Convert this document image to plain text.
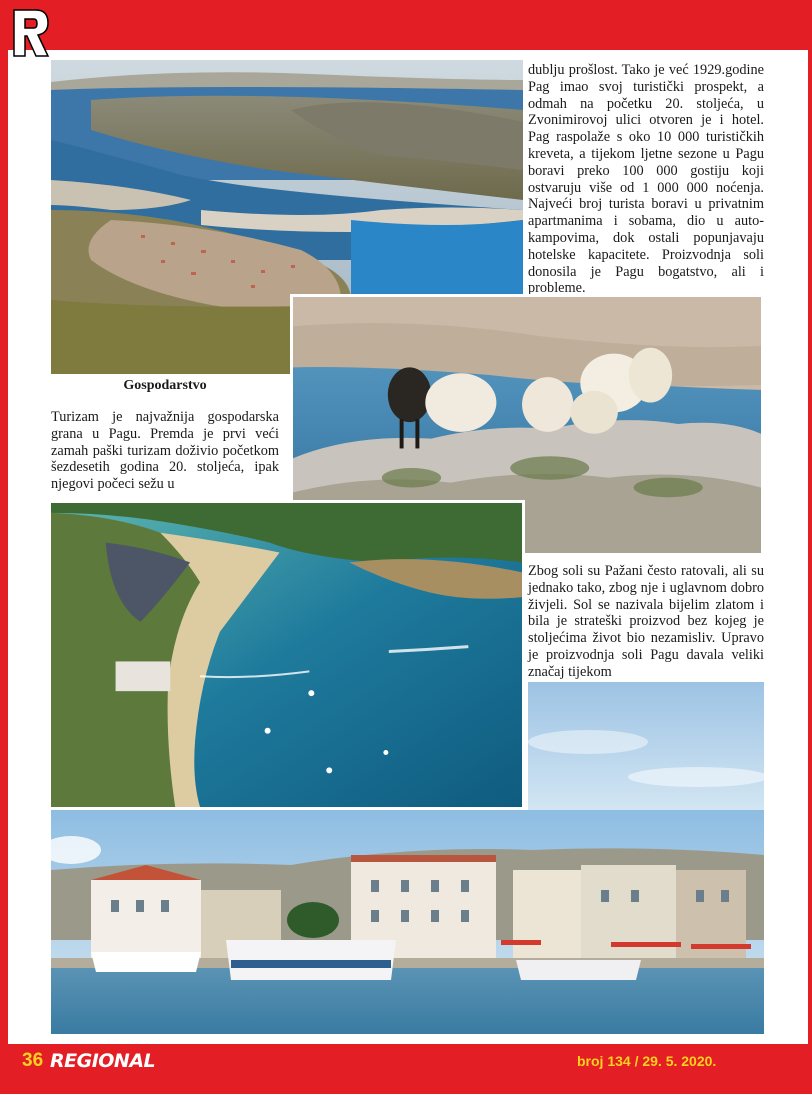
dublju prošlost. Tako je već 1929.godine Pag imao svoj turistički prospekt, a odmah na početku 20. stoljeća, u Zvonimirovoj ulici otvoren je i hotel. Pag raspolaže s oko 10 000 turističkih kreveta, a tijekom ljetne sezone u Pagu boravi preko 100 000 gostiju koji ostvaruju više od 1 000 000 noćenja. Najveći broj turista boravi u privatnim apartmanima i sobama, dio u auto-kampovima, dok ostali popunjavaju hotelske kapacitete. Proizvodnja soli donosila je Pagu bogatstvo, ali i probleme.
Gospodarstvo
Turizam je najvažnija gospodarska grana u Pagu. Premda je prvi veći zamah paški turizam doživio početkom šezdesetih godina 20. stoljeća, ipak njegovi počeci sežu u
Zbog soli su Pažani često ratovali, ali su jednako tako, zbog nje i uglavnom dobro živjeli. Sol se nazivala bijelim zlatom i bila je strateški proizvod bez kojeg je stoljećima život bio nezamisliv. Upravo je proizvodnja soli Pagu davala veliki značaj tijekom
36 REGIONAL	broj 134 / 29. 5. 2020.
